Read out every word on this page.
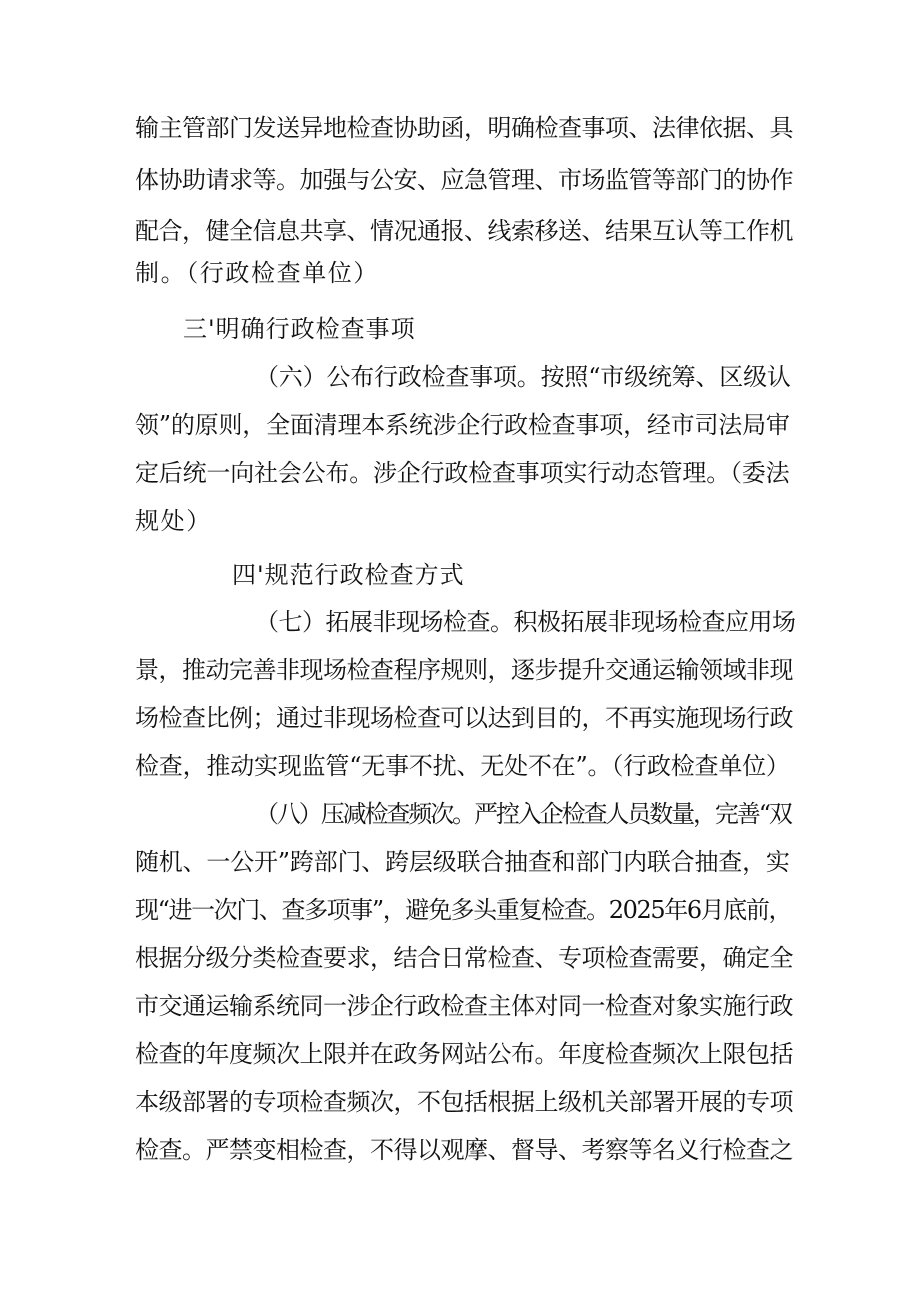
输主管部门发送异地检查协助函，明确检查事项、法律依据、具
体协助请求等。加强与公安、应急管理、市场监管等部门的协作
配合，健全信息共享、情况通报、线索移送、结果互认等工作机
制。（行政检查单位）
三'明确行政检查事项
（六）公布行政检查事项。按照“市级统筹、区级认
领”的原则，全面清理本系统涉企行政检查事项，经市司法局审
定后统一向社会公布。涉企行政检查事项实行动态管理。（委法
规处）
四'规范行政检查方式
（七）拓展非现场检查。积极拓展非现场检查应用场
景，推动完善非现场检查程序规则，逐步提升交通运输领域非现
场检查比例；通过非现场检查可以达到目的，不再实施现场行政
检查，推动实现监管“无事不扰、无处不在”。（行政检查单位）
（八）压减检查频次。严控入企检查人员数量，完善“双
随机、一公开”跨部门、跨层级联合抽查和部门内联合抽查，实
现“进一次门、查多项事”，避免多头重复检查。2025年6月底前，
根据分级分类检查要求，结合日常检查、专项检查需要，确定全
市交通运输系统同一涉企行政检查主体对同一检查对象实施行政
检查的年度频次上限并在政务网站公布。年度检查频次上限包括
本级部署的专项检查频次，不包括根据上级机关部署开展的专项
检查。严禁变相检查，不得以观摩、督导、考察等名义行检查之
